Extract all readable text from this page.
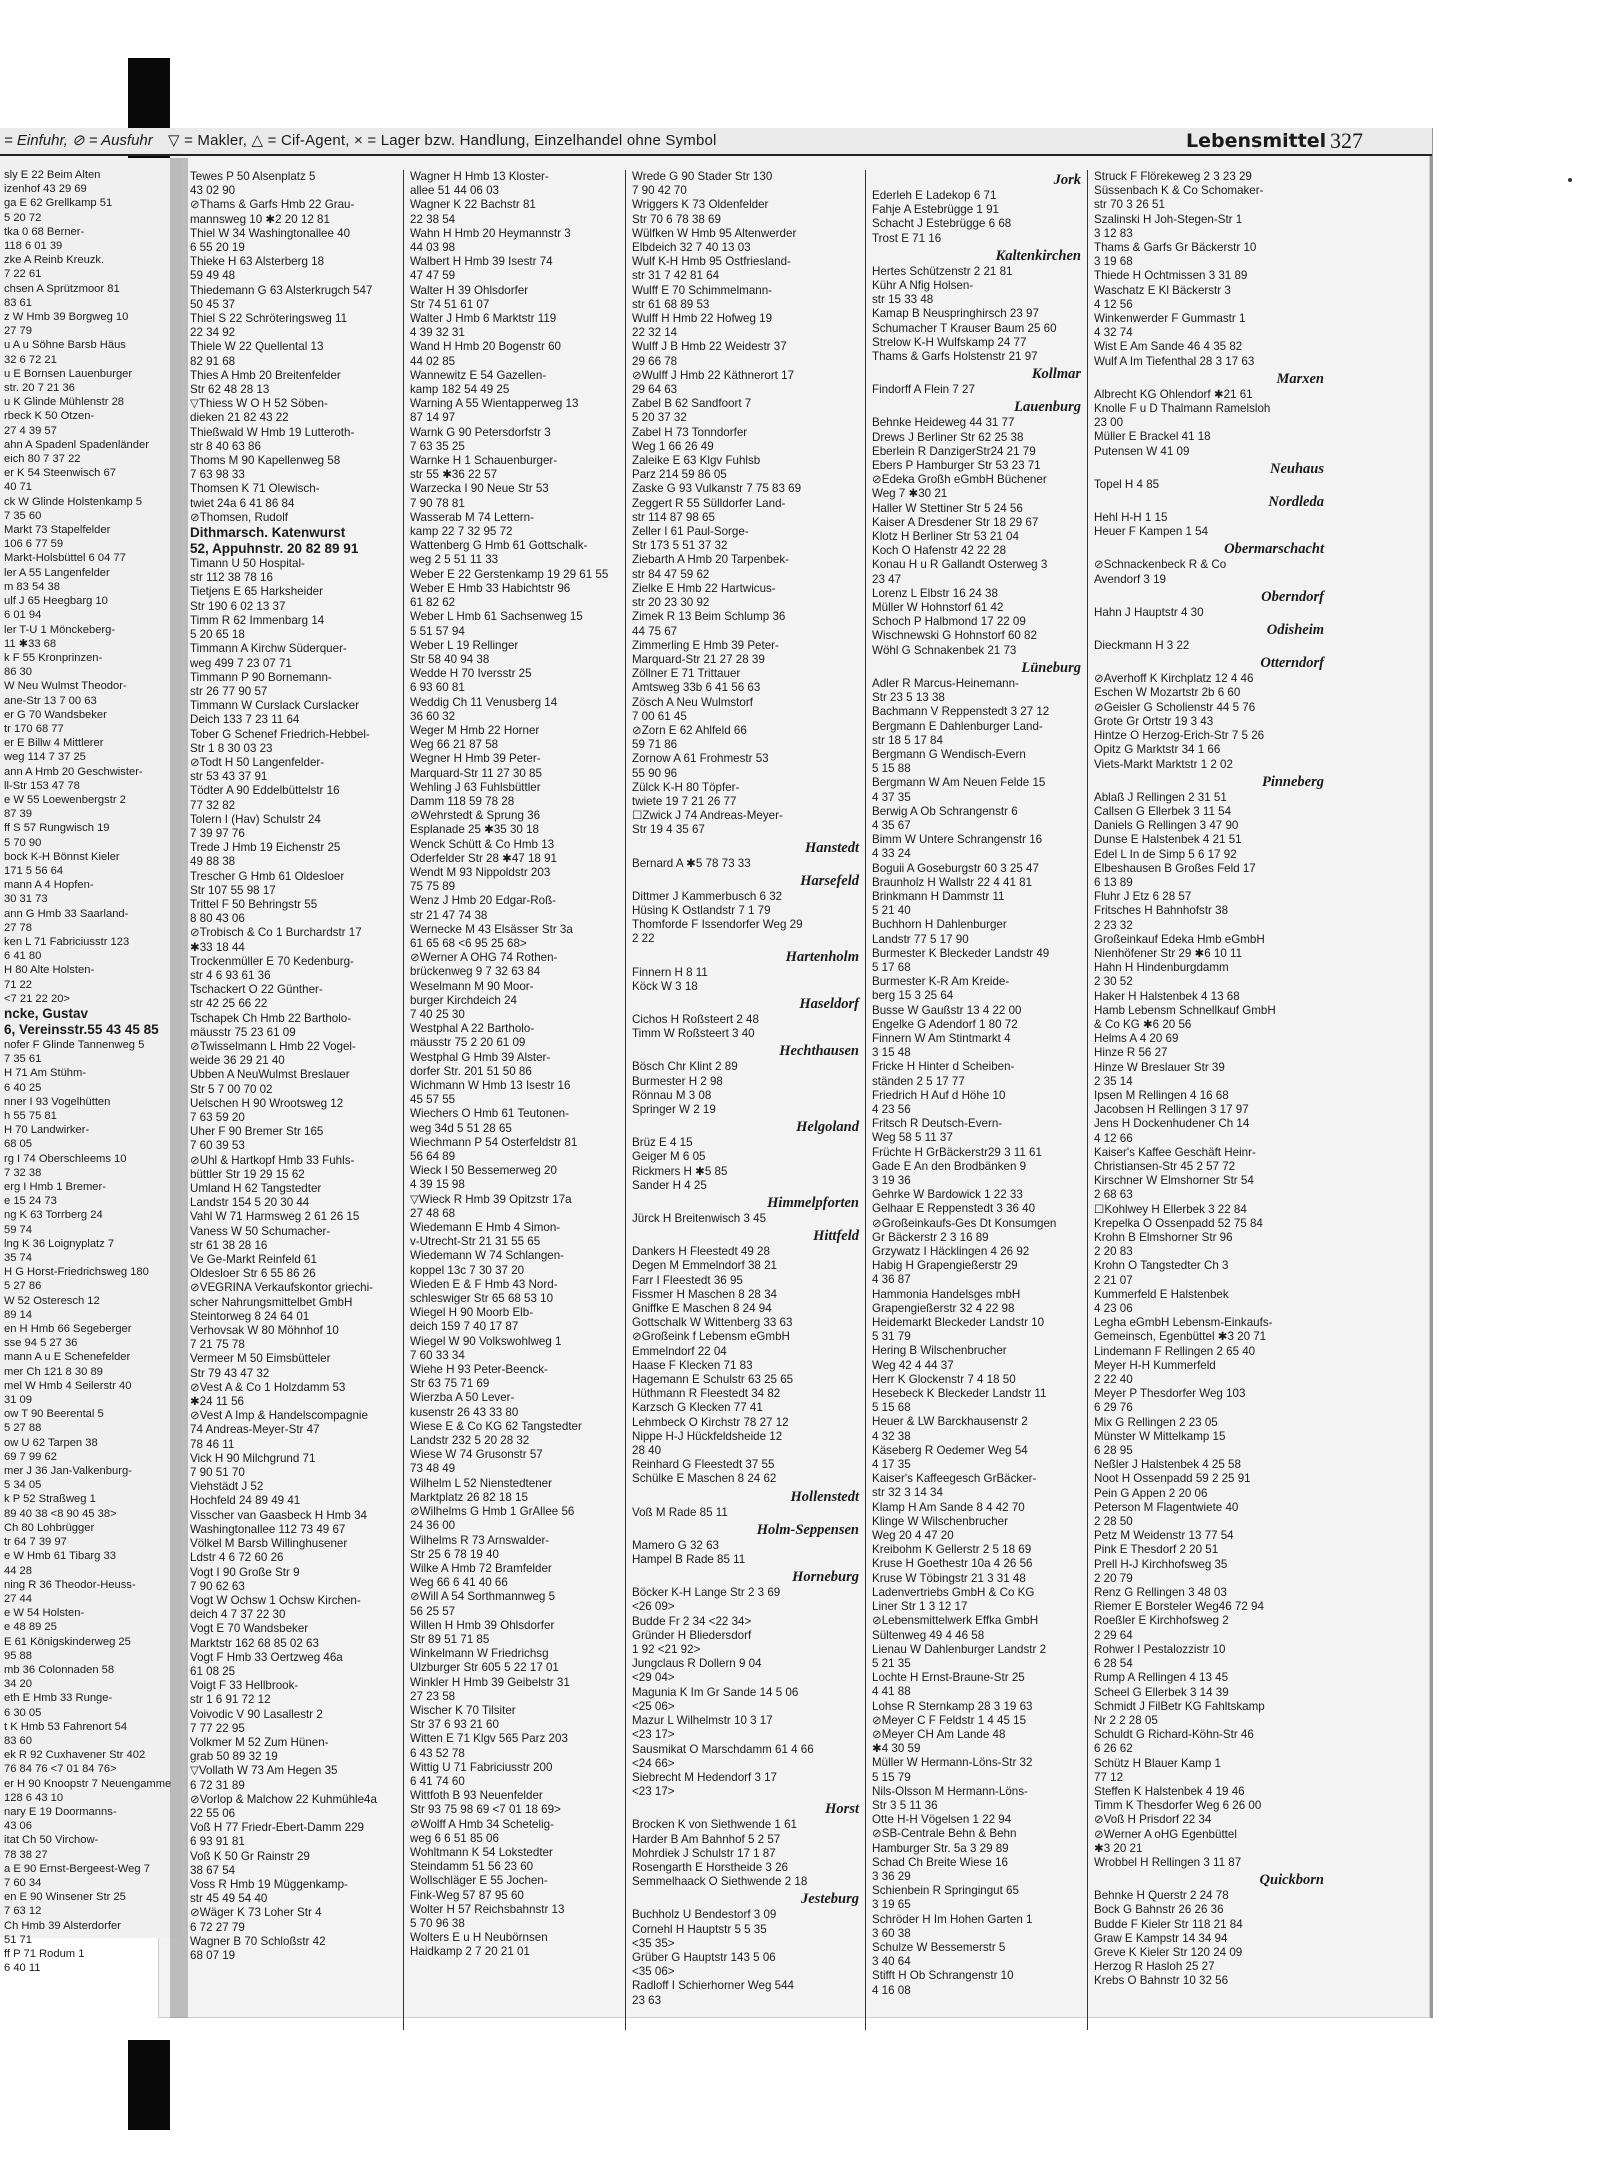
sly E 22 Beim Alten
izenhof 43 29 69
ga E 62 Grellkamp 51
5 20 72
tka 0 68 Berner-
118 6 01 39
zke A Reinb Kreuzk.
7 22 61
chsen A Sprützmoor 81
83 61
z W Hmb 39 Borgweg 10
27 79
u A u Söhne Barsb Häus
32 6 72 21
u E Bornsen Lauenburger
str. 20 7 21 36
u K Glinde Mühlenstr 28
rbeck K 50 Otzen-
27 4 39 57
ahn A Spadenl Spadenländer
eich 80 7 37 22
er K 54 Steenwisch 67
40 71
ck W Glinde Holstenkamp 5
7 35 60
Markt 73 Stapelfelder
106 6 77 59
Markt-Holsbüttel 6 04 77
ler A 55 Langenfelder
m 83 54 38
ulf J 65 Heegbarg 10
6 01 94
ler T-U 1 Mönckeberg-
11 ✱33 68
k F 55 Kronprinzen-
86 30
W Neu Wulmst Theodor-
ane-Str 13 7 00 63
er G 70 Wandsbeker
tr 170 68 77
er E Billw 4 Mittlerer
weg 114 7 37 25
ann A Hmb 20 Geschwister-
ll-Str 153 47 78
e W 55 Loewenbergstr 2
87 39
ff S 57 Rungwisch 19
5 70 90
bock K-H Bönnst Kieler
171 5 56 64
mann A 4 Hopfen-
30 31 73
ann G Hmb 33 Saarland-
27 78
ken L 71 Fabriciusstr 123
6 41 80
H 80 Alte Holsten-
71 22
<7 21 22 20>
ncke, Gustav
6, Vereinsstr.55 43 45 85
nofer F Glinde Tannenweg 5
7 35 61
H 71 Am Stühm-
6 40 25
nner I 93 Vogelhütten
h 55 75 81
H 70 Landwirker-
68 05
rg I 74 Oberschleems 10
7 32 38
erg I Hmb 1 Bremer-
e 15 24 73
ng K 63 Torrberg 24
59 74
lng K 36 Loignyplatz 7
35 74
H G Horst-Friedrichsweg 180
5 27 86
W 52 Osteresch 12
89 14
en H Hmb 66 Segeberger
sse 94 5 27 36
mann A u E Schenefelder
mer Ch 121 8 30 89
mel W Hmb 4 Seilerstr 40
31 09
ow T 90 Beerental 5
5 27 88
ow U 62 Tarpen 38
69 7 99 62
mer J 36 Jan-Valkenburg-
5 34 05
k P 52 Straßweg 1
89 40 38 <8 90 45 38>
Ch 80 Lohbrügger
tr 64 7 39 97
e W Hmb 61 Tibarg 33
44 28
ning R 36 Theodor-Heuss-
27 44
e W 54 Holsten-
e 48 89 25
E 61 Königskinderweg 25
95 88
mb 36 Colonnaden 58
34 20
eth E Hmb 33 Runge-
6 30 05
t K Hmb 53 Fahrenort 54
83 60
ek R 92 Cuxhavener Str 402
76 84 76 <7 01 84 76>
er H 90 Knoopstr 7 Neuengamme
128 6 43 10
nary E 19 Doormanns-
43 06
itat Ch 50 Virchow-
78 38 27
a E 90 Ernst-Bergeest-Weg 7
7 60 34
en E 90 Winsener Str 25
7 63 12
Ch Hmb 39 Alsterdorfer
51 71
ff P 71 Rodum 1
6 40 11
= Einfuhr, ⊘ = Ausfuhr ▽ = Makler, △ = Cif-Agent, × = Lager bzw. Handlung, Einzelhandel ohne Symbol	Lebensmittel 327
Tewes P 50 Alsenplatz 5
43 02 90
⊘Thams & Garfs Hmb 22 Grau-
mannsweg 10 ✱2 20 12 81
Thiel W 34 Washingtonallee 40
6 55 20 19
Thieke H 63 Alsterberg 18
59 49 48
Thiedemann G 63 Alsterkrugch 547
50 45 37
Thiel S 22 Schröteringsweg 11
22 34 92
Thiele W 22 Quellental 13
82 91 68
Thies A Hmb 20 Breitenfelder
Str 62 48 28 13
▽Thiess W O H 52 Söben-
dieken 21 82 43 22
Thießwald W Hmb 19 Lutteroth-
str 8 40 63 86
Thoms M 90 Kapellenweg 58
7 63 98 33
Thomsen K 71 Olewisch-
twiet 24a 6 41 86 84
⊘Thomsen, Rudolf
Dithmarsch. Katenwurst
52, Appuhnstr. 20 82 89 91
Timann U 50 Hospital-
str 112 38 78 16
Tietjens E 65 Harksheider
Str 190 6 02 13 37
Timm R 62 Immenbarg 14
5 20 65 18
Timmann A Kirchw Süderquer-
weg 499 7 23 07 71
Timmann P 90 Bornemann-
str 26 77 90 57
Timmann W Curslack Curslacker
Deich 133 7 23 11 64
Tober G Schenef Friedrich-Hebbel-
Str 1 8 30 03 23
⊘Todt H 50 Langenfelder-
str 53 43 37 91
Tödter A 90 Eddelbüttelstr 16
77 32 82
Tolern I (Hav) Schulstr 24
7 39 97 76
Trede J Hmb 19 Eichenstr 25
49 88 38
Trescher G Hmb 61 Oldesloer
Str 107 55 98 17
Trittel F 50 Behringstr 55
8 80 43 06
⊘Trobisch & Co 1 Burchardstr 17
✱33 18 44
Trockenmüller E 70 Kedenburg-
str 4 6 93 61 36
Tschackert O 22 Günther-
str 42 25 66 22
Tschapek Ch Hmb 22 Bartholo-
mäusstr 75 23 61 09
⊘Twisselmann L Hmb 22 Vogel-
weide 36 29 21 40
Ubben A NeuWulmst Breslauer
Str 5 7 00 70 02
Uelschen H 90 Wrootsweg 12
7 63 59 20
Uher F 90 Bremer Str 165
7 60 39 53
⊘Uhl & Hartkopf Hmb 33 Fuhls-
büttler Str 19 29 15 62
Umland H 62 Tangstedter
Landstr 154 5 20 30 44
Vahl W 71 Harmsweg 2 61 26 15
Vaness W 50 Schumacher-
str 61 38 28 16
Ve Ge-Markt Reinfeld 61
Oldesloer Str 6 55 86 26
⊘VEGRINA Verkaufskontor griechi-
scher Nahrungsmittelbet GmbH
Steintorweg 8 24 64 01
Verhovsak W 80 Möhnhof 10
7 21 75 78
Vermeer M 50 Eimsbütteler
Str 79 43 47 32
⊘Vest A & Co 1 Holzdamm 53
✱24 11 56
⊘Vest A Imp & Handelscompagnie
74 Andreas-Meyer-Str 47
78 46 11
Vick H 90 Milchgrund 71
7 90 51 70
Viehstädt J 52
Hochfeld 24 89 49 41
Visscher van Gaasbeck H Hmb 34
Washingtonallee 112 73 49 67
Völkel M Barsb Willinghusener
Ldstr 4 6 72 60 26
Vogt I 90 Große Str 9
7 90 62 63
Vogt W Ochsw 1 Ochsw Kirchen-
deich 4 7 37 22 30
Vogt E 70 Wandsbeker
Marktstr 162 68 85 02 63
Vogt F Hmb 33 Oertzweg 46a
61 08 25
Voigt F 33 Hellbrook-
str 1 6 91 72 12
Voivodic V 90 Lasallestr 2
7 77 22 95
Volkmer M 52 Zum Hünen-
grab 50 89 32 19
▽Vollath W 73 Am Hegen 35
6 72 31 89
⊘Vorlop & Malchow 22 Kuhmühle4a
22 55 06
Voß H 77 Friedr-Ebert-Damm 229
6 93 91 81
Voß K 50 Gr Rainstr 29
38 67 54
Voss R Hmb 19 Müggenkamp-
str 45 49 54 40
⊘Wäger K 73 Loher Str 4
6 72 27 79
Wagner B 70 Schloßstr 42
68 07 19
Wagner H Hmb 13 Kloster-
allee 51 44 06 03
Wagner K 22 Bachstr 81
22 38 54
Wahn H Hmb 20 Heymannstr 3
44 03 98
Walbert H Hmb 39 Isestr 74
47 47 59
Walter H 39 Ohlsdorfer
Str 74 51 61 07
Walter J Hmb 6 Marktstr 119
4 39 32 31
Wand H Hmb 20 Bogenstr 60
44 02 85
Wannewitz E 54 Gazellen-
kamp 182 54 49 25
Warning A 55 Wientapperweg 13
87 14 97
Warnk G 90 Petersdorfstr 3
7 63 35 25
Warnke H 1 Schauenburger-
str 55 ✱36 22 57
Warzecka I 90 Neue Str 53
7 90 78 81
Wasserab M 74 Lettern-
kamp 22 7 32 95 72
Wattenberg G Hmb 61 Gottschalk-
weg 2 5 51 11 33
Weber E 22 Gerstenkamp 19 29 61 55
Weber E Hmb 33 Habichtstr 96
61 82 62
Weber L Hmb 61 Sachsenweg 15
5 51 57 94
Weber L 19 Rellinger
Str 58 40 94 38
Wedde H 70 Iversstr 25
6 93 60 81
Weddig Ch 11 Venusberg 14
36 60 32
Weger M Hmb 22 Horner
Weg 66 21 87 58
Wegner H Hmb 39 Peter-
Marquard-Str 11 27 30 85
Wehling J 63 Fuhlsbüttler
Damm 118 59 78 28
⊘Wehrstedt & Sprung 36
Esplanade 25 ✱35 30 18
Wenck Schütt & Co Hmb 13
Oderfelder Str 28 ✱47 18 91
Wendt M 93 Nippoldstr 203
75 75 89
Wenz J Hmb 20 Edgar-Roß-
str 21 47 74 38
Wernecke M 43 Elsässer Str 3a
61 65 68 <6 95 25 68>
⊘Werner A OHG 74 Rothen-
brückenweg 9 7 32 63 84
Weselmann M 90 Moor-
burger Kirchdeich 24
7 40 25 30
Westphal A 22 Bartholo-
mäusstr 75 2 20 61 09
Westphal G Hmb 39 Alster-
dorfer Str. 201 51 50 86
Wichmann W Hmb 13 Isestr 16
45 57 55
Wiechers O Hmb 61 Teutonen-
weg 34d 5 51 28 65
Wiechmann P 54 Osterfeldstr 81
56 64 89
Wieck I 50 Bessemerweg 20
4 39 15 98
▽Wieck R Hmb 39 Opitzstr 17a
27 48 68
Wiedemann E Hmb 4 Simon-
v-Utrecht-Str 21 31 55 65
Wiedemann W 74 Schlangen-
koppel 13c 7 30 37 20
Wieden E & F Hmb 43 Nord-
schleswiger Str 65 68 53 10
Wiegel H 90 Moorb Elb-
deich 159 7 40 17 87
Wiegel W 90 Volkswohlweg 1
7 60 33 34
Wiehe H 93 Peter-Beenck-
Str 63 75 71 69
Wierzba A 50 Lever-
kusenstr 26 43 33 80
Wiese E & Co KG 62 Tangstedter
Landstr 232 5 20 28 32
Wiese W 74 Grusonstr 57
73 48 49
Wilhelm L 52 Nienstedtener
Marktplatz 26 82 18 15
⊘Wilhelms G Hmb 1 GrAllee 56
24 36 00
Wilhelms R 73 Arnswalder-
Str 25 6 78 19 40
Wilke A Hmb 72 Bramfelder
Weg 66 6 41 40 66
⊘Will A 54 Sorthmannweg 5
56 25 57
Willen H Hmb 39 Ohlsdorfer
Str 89 51 71 85
Winkelmann W Friedrichsg
Ulzburger Str 605 5 22 17 01
Winkler H Hmb 39 Geibelstr 31
27 23 58
Wischer K 70 Tilsiter
Str 37 6 93 21 60
Witten E 71 Klgv 565 Parz 203
6 43 52 78
Wittig U 71 Fabriciusstr 200
6 41 74 60
Wittfoth B 93 Neuenfelder
Str 93 75 98 69 <7 01 18 69>
⊘Wolff A Hmb 34 Schetelig-
weg 6 6 51 85 06
Wohltmann K 54 Lokstedter
Steindamm 51 56 23 60
Wollschläger E 55 Jochen-
Fink-Weg 57 87 95 60
Wolter H 57 Reichsbahnstr 13
5 70 96 38
Wolters E u H Neubörnsen
Haidkamp 2 7 20 21 01
Wrede G 90 Stader Str 130
7 90 42 70
Wriggers K 73 Oldenfelder
Str 70 6 78 38 69
Wülfken W Hmb 95 Altenwerder
Elbdeich 32 7 40 13 03
Wulf K-H Hmb 95 Ostfriesland-
str 31 7 42 81 64
Wulff E 70 Schimmelmann-
str 61 68 89 53
Wulff H Hmb 22 Hofweg 19
22 32 14
Wulff J B Hmb 22 Weidestr 37
29 66 78
⊘Wulff J Hmb 22 Käthnerort 17
29 64 63
Zabel B 62 Sandfoort 7
5 20 37 32
Zabel H 73 Tonndorfer
Weg 1 66 26 49
Zaleike E 63 Klgv Fuhlsb
Parz 214 59 86 05
Zaske G 93 Vulkanstr 7 75 83 69
Zeggert R 55 Sülldorfer Land-
str 114 87 98 65
Zeller I 61 Paul-Sorge-
Str 173 5 51 37 32
Ziebarth A Hmb 20 Tarpenbek-
str 84 47 59 62
Zielke E Hmb 22 Hartwicus-
str 20 23 30 92
Zimek R 13 Beim Schlump 36
44 75 67
Zimmerling E Hmb 39 Peter-
Marquard-Str 21 27 28 39
Zöllner E 71 Trittauer
Amtsweg 33b 6 41 56 63
Zösch A Neu Wulmstorf
7 00 61 45
⊘Zorn E 62 Ahlfeld 66
59 71 86
Zornow A 61 Frohmestr 53
55 90 96
Zülck K-H 80 Töpfer-
twiete 19 7 21 26 77
☐Zwick J 74 Andreas-Meyer-
Str 19 4 35 67
Hanstedt
Bernard A ✱5 78 73 33
Harsefeld
Dittmer J Kammerbusch 6 32
Hüsing K Ostlandstr 7 1 79
Thomforde F Issendorfer Weg 29
2 22
Hartenholm
Finnern H 8 11
Köck W 3 18
Haseldorf
Cichos H Roßsteert 2 48
Timm W Roßsteert 3 40
Hechthausen
Bösch Chr Klint 2 89
Burmester H 2 98
Rönnau M 3 08
Springer W 2 19
Helgoland
Brüz E 4 15
Geiger M 6 05
Rickmers H ✱5 85
Sander H 4 25
Himmelpforten
Jürck H Breitenwisch 3 45
Hittfeld
Dankers H Fleestedt 49 28
Degen M Emmelndorf 38 21
Farr I Fleestedt 36 95
Fissmer H Maschen 8 28 34
Gniffke E Maschen 8 24 94
Gottschalk W Wittenberg 33 63
⊘Großeink f Lebensm eGmbH
Emmelndorf 22 04
Haase F Klecken 71 83
Hagemann E Schulstr 63 25 65
Hüthmann R Fleestedt 34 82
Karzsch G Klecken 77 41
Lehmbeck O Kirchstr 78 27 12
Nippe H-J Hückfeldsheide 12
28 40
Reinhard G Fleestedt 37 55
Schülke E Maschen 8 24 62
Hollenstedt
Voß M Rade 85 11
Holm-Seppensen
Mamero G 32 63
Hampel B Rade 85 11
Horneburg
Böcker K-H Lange Str 2 3 69
<26 09>
Budde Fr 2 34 <22 34>
Gründer H Bliedersdorf
1 92 <21 92>
Jungclaus R Dollern 9 04
<29 04>
Magunia K Im Gr Sande 14 5 06
<25 06>
Mazur L Wilhelmstr 10 3 17
<23 17>
Sausmikat O Marschdamm 61 4 66
<24 66>
Siebrecht M Hedendorf 3 17
<23 17>
Horst
Brocken K von Siethwende 1 61
Harder B Am Bahnhof 5 2 57
Mohrdiek J Schulstr 17 1 87
Rosengarth E Horstheide 3 26
Semmelhaack O Siethwende 2 18
Jesteburg
Buchholz U Bendestorf 3 09
Cornehl H Hauptstr 5 5 35
<35 35>
Grüber G Hauptstr 143 5 06
<35 06>
Radloff I Schierhorner Weg 544
23 63
Jork
Ederleh E Ladekop 6 71
Fahje A Estebrügge 1 91
Schacht J Estebrügge 6 68
Trost E 71 16
Kaltenkirchen
Hertes Schützenstr 2 21 81
Kühr A Nfig Holsen-
str 15 33 48
Kamap B Neuspringhirsch 23 97
Schumacher T Krauser Baum 25 60
Strelow K-H Wulfskamp 24 77
Thams & Garfs Holstenstr 21 97
Kollmar
Findorff A Flein 7 27
Lauenburg
Behnke Heideweg 44 31 77
Drews J Berliner Str 62 25 38
Eberlein R DanzigerStr24 21 79
Ebers P Hamburger Str 53 23 71
⊘Edeka Großh eGmbH Büchener
Weg 7 ✱30 21
Haller W Stettiner Str 5 24 56
Kaiser A Dresdener Str 18 29 67
Klotz H Berliner Str 53 21 04
Koch O Hafenstr 42 22 28
Konau H u R Gallandt Osterweg 3
23 47
Lorenz L Elbstr 16 24 38
Müller W Hohnstorf 61 42
Schoch P Halbmond 17 22 09
Wischnewski G Hohnstorf 60 82
Wöhl G Schnakenbek 21 73
Lüneburg
Adler R Marcus-Heinemann-
Str 23 5 13 38
Bachmann V Reppenstedt 3 27 12
Bergmann E Dahlenburger Land-
str 18 5 17 84
Bergmann G Wendisch-Evern
5 15 88
Bergmann W Am Neuen Felde 15
4 37 35
Berwig A Ob Schrangenstr 6
4 35 67
Bimm W Untere Schrangenstr 16
4 33 24
Boguii A Goseburgstr 60 3 25 47
Braunholz H Wallstr 22 4 41 81
Brinkmann H Dammstr 11
5 21 40
Buchhorn H Dahlenburger
Landstr 77 5 17 90
Burmester K Bleckeder Landstr 49
5 17 68
Burmester K-R Am Kreide-
berg 15 3 25 64
Busse W Gaußstr 13 4 22 00
Engelke G Adendorf 1 80 72
Finnern W Am Stintmarkt 4
3 15 48
Fricke H Hinter d Scheiben-
ständen 2 5 17 77
Friedrich H Auf d Höhe 10
4 23 56
Fritsch R Deutsch-Evern-
Weg 58 5 11 37
Früchte H GrBäckerstr29 3 11 61
Gade E An den Brodbänken 9
3 19 36
Gehrke W Bardowick 1 22 33
Gelhaar E Reppenstedt 3 36 40
⊘Großeinkaufs-Ges Dt Konsumgen
Gr Bäckerstr 2 3 16 89
Grzywatz I Häcklingen 4 26 92
Habig H Grapengießerstr 29
4 36 87
Hammonia Handelsges mbH
Grapengießerstr 32 4 22 98
Heidemarkt Bleckeder Landstr 10
5 31 79
Hering B Wilschenbrucher
Weg 42 4 44 37
Herr K Glockenstr 7 4 18 50
Hesebeck K Bleckeder Landstr 11
5 15 68
Heuer & LW Barckhausenstr 2
4 32 38
Käseberg R Oedemer Weg 54
4 17 35
Kaiser's Kaffeegesch GrBäcker-
str 32 3 14 34
Klamp H Am Sande 8 4 42 70
Klinge W Wilschenbrucher
Weg 20 4 47 20
Kreibohm K Gellerstr 2 5 18 69
Kruse H Goethestr 10a 4 26 56
Kruse W Töbingstr 21 3 31 48
Ladenvertriebs GmbH & Co KG
Liner Str 1 3 12 17
⊘Lebensmittelwerk Effka GmbH
Sültenweg 49 4 46 58
Lienau W Dahlenburger Landstr 2
5 21 35
Lochte H Ernst-Braune-Str 25
4 41 88
Lohse R Sternkamp 28 3 19 63
⊘Meyer C F Feldstr 1 4 45 15
⊘Meyer CH Am Lande 48
✱4 30 59
Müller W Hermann-Löns-Str 32
5 15 79
Nils-Olsson M Hermann-Löns-
Str 3 5 11 36
Otte H-H Vögelsen 1 22 94
⊘SB-Centrale Behn & Behn
Hamburger Str. 5a 3 29 89
Schad Ch Breite Wiese 16
3 36 29
Schienbein R Springingut 65
3 19 65
Schröder H Im Hohen Garten 1
3 60 38
Schulze W Bessemerstr 5
3 40 64
Stifft H Ob Schrangenstr 10
4 16 08
Struck F Flörekeweg 2 3 23 29
Süssenbach K & Co Schomaker-
str 70 3 26 51
Szalinski H Joh-Stegen-Str 1
3 12 83
Thams & Garfs Gr Bäckerstr 10
3 19 68
Thiede H Ochtmissen 3 31 89
Waschatz E Kl Bäckerstr 3
4 12 56
Winkenwerder F Gummastr 1
4 32 74
Wist E Am Sande 46 4 35 82
Wulf A Im Tiefenthal 28 3 17 63
Marxen
Albrecht KG Ohlendorf ✱21 61
Knolle F u D Thalmann Ramelsloh
23 00
Müller E Brackel 41 18
Putensen W 41 09
Neuhaus
Topel H 4 85
Nordleda
Hehl H-H 1 15
Heuer F Kampen 1 54
Obermarschacht
⊘Schnackenbeck R & Co
Avendorf 3 19
Oberndorf
Hahn J Hauptstr 4 30
Odisheim
Dieckmann H 3 22
Otterndorf
⊘Averhoff K Kirchplatz 12 4 46
Eschen W Mozartstr 2b 6 60
⊘Geisler G Scholienstr 44 5 76
Grote Gr Ortstr 19 3 43
Hintze O Herzog-Erich-Str 7 5 26
Opitz G Marktstr 34 1 66
Viets-Markt Marktstr 1 2 02
Pinneberg
Ablaß J Rellingen 2 31 51
Callsen G Ellerbek 3 11 54
Daniels G Rellingen 3 47 90
Dunse E Halstenbek 4 21 51
Edel L In de Simp 5 6 17 92
Elbeshausen B Großes Feld 17
6 13 89
Fluhr J Etz 6 28 57
Fritsches H Bahnhofstr 38
2 23 32
Großeinkauf Edeka Hmb eGmbH
Nienhöfener Str 29 ✱6 10 11
Hahn H Hindenburgdamm
2 30 52
Haker H Halstenbek 4 13 68
Hamb Lebensm Schnellkauf GmbH
& Co KG ✱6 20 56
Helms A 4 20 69
Hinze R 56 27
Hinze W Breslauer Str 39
2 35 14
Ipsen M Rellingen 4 16 68
Jacobsen H Rellingen 3 17 97
Jens H Dockenhudener Ch 14
4 12 66
Kaiser's Kaffee Geschäft Heinr-
Christiansen-Str 45 2 57 72
Kirschner W Elmshorner Str 54
2 68 63
☐Kohlwey H Ellerbek 3 22 84
Krepelka O Ossenpadd 52 75 84
Krohn B Elmshorner Str 96
2 20 83
Krohn O Tangstedter Ch 3
2 21 07
Kummerfeld E Halstenbek
4 23 06
Legha eGmbH Lebensm-Einkaufs-
Gemeinsch, Egenbüttel ✱3 20 71
Lindemann F Rellingen 2 65 40
Meyer H-H Kummerfeld
2 22 40
Meyer P Thesdorfer Weg 103
6 29 76
Mix G Rellingen 2 23 05
Münster W Mittelkamp 15
6 28 95
Neßler J Halstenbek 4 25 58
Noot H Ossenpadd 59 2 25 91
Pein G Appen 2 20 06
Peterson M Flagentwiete 40
2 28 50
Petz M Weidenstr 13 77 54
Pink E Thesdorf 2 20 51
Prell H-J Kirchhofsweg 35
2 20 79
Renz G Rellingen 3 48 03
Riemer E Borsteler Weg46 72 94
Roeßler E Kirchhofsweg 2
2 29 64
Rohwer I Pestalozzistr 10
6 28 54
Rump A Rellingen 4 13 45
Scheel G Ellerbek 3 14 39
Schmidt J FilBetr KG Fahltskamp
Nr 2 2 28 05
Schuldt G Richard-Köhn-Str 46
6 26 62
Schütz H Blauer Kamp 1
77 12
Steffen K Halstenbek 4 19 46
Timm K Thesdorfer Weg 6 26 00
⊘Voß H Prisdorf 22 34
⊘Werner A oHG Egenbüttel
✱3 20 21
Wrobbel H Rellingen 3 11 87
Quickborn
Behnke H Querstr 2 24 78
Bock G Bahnstr 26 26 36
Budde F Kieler Str 118 21 84
Graw E Kampstr 14 34 94
Greve K Kieler Str 120 24 09
Herzog R Hasloh 25 27
Krebs O Bahnstr 10 32 56
